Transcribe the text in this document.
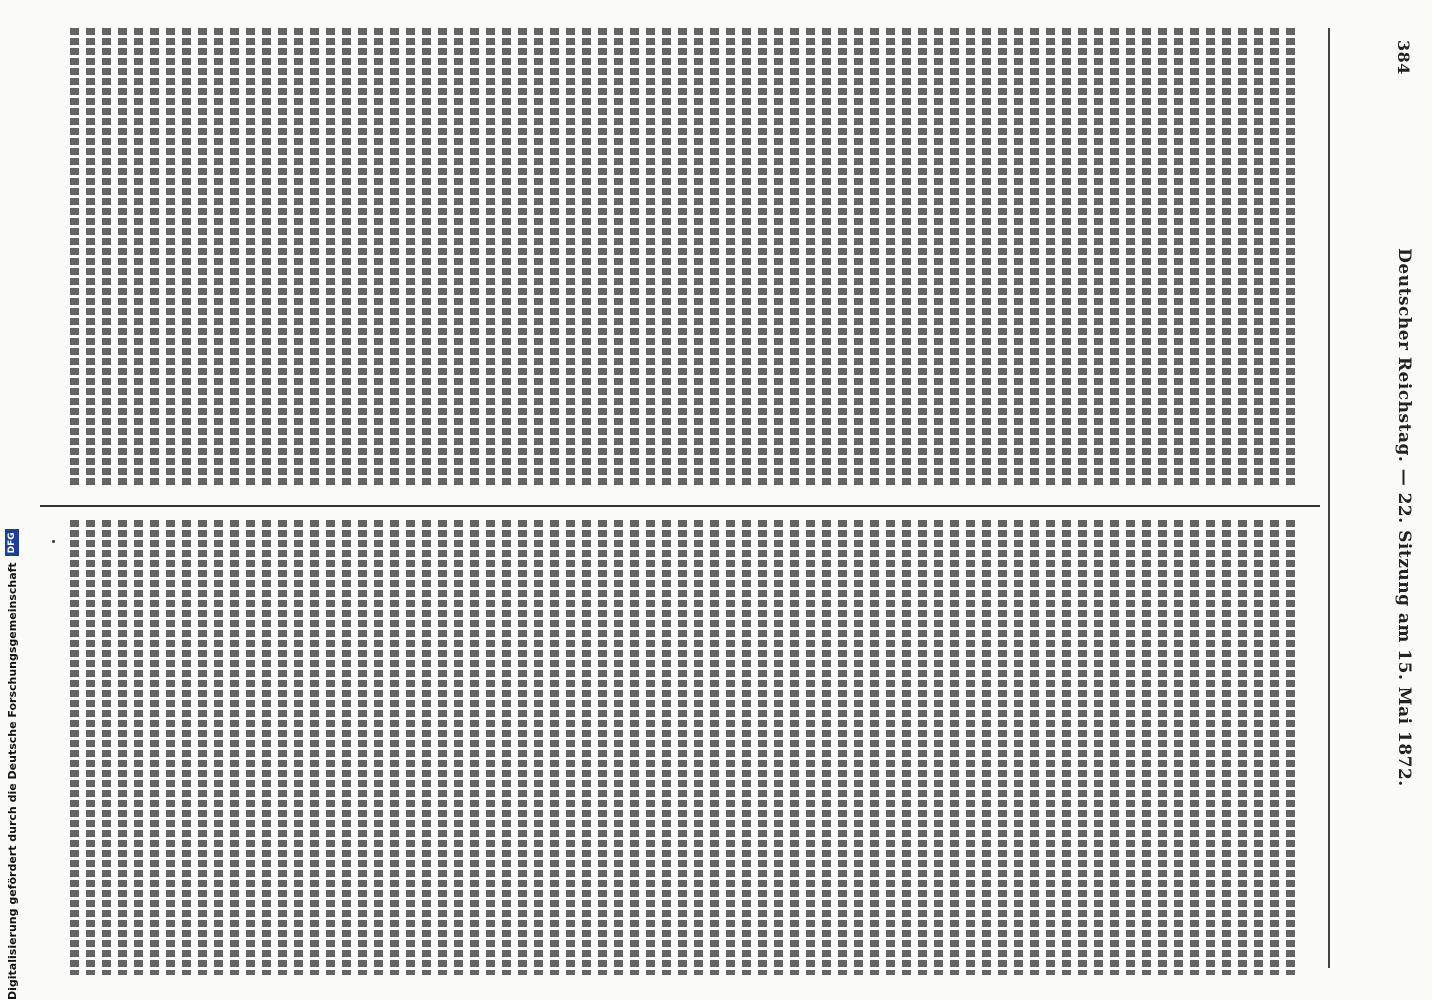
384
Deutscher Reichstag. — 22. Sitzung am 15. Mai 1872.
Digitalisierung gefördert durch die Deutsche Forschungsgemeinschaft
DFG
